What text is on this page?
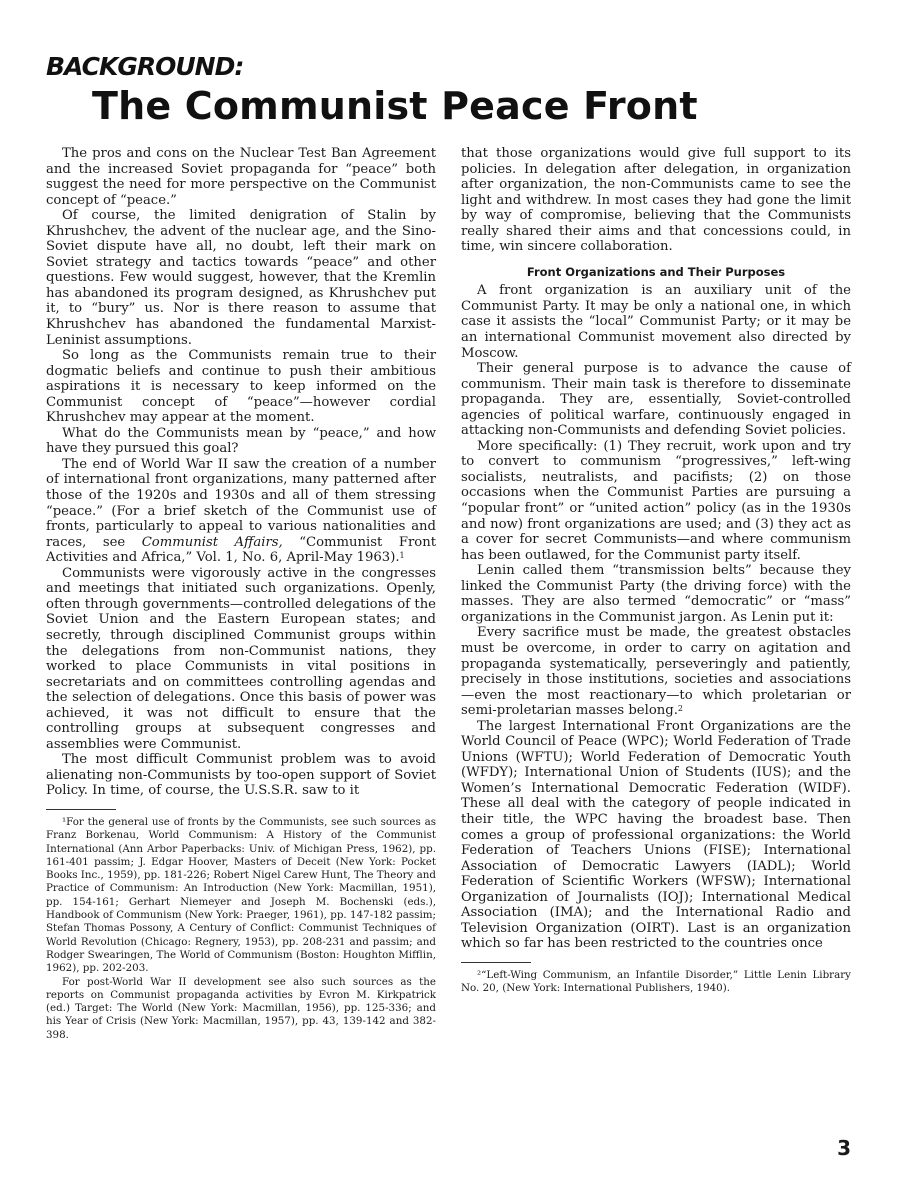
BACKGROUND:
The Communist Peace Front

The pros and cons on the Nuclear Test Ban Agreement and the increased Soviet propaganda for “peace” both suggest the need for more perspective on the Communist concept of “peace.”

Of course, the limited denigration of Stalin by Khrushchev, the advent of the nuclear age, and the Sino-Soviet dispute have all, no doubt, left their mark on Soviet strategy and tactics towards “peace” and other questions. Few would suggest, however, that the Kremlin has abandoned its program designed, as Khrushchev put it, to “bury” us. Nor is there reason to assume that Khrushchev has abandoned the fundamental Marxist-Leninist assumptions.

So long as the Communists remain true to their dogmatic beliefs and continue to push their ambitious aspirations it is necessary to keep informed on the Communist concept of “peace”—however cordial Khrushchev may appear at the moment.

What do the Communists mean by “peace,” and how have they pursued this goal?

The end of World War II saw the creation of a number of international front organizations, many patterned after those of the 1920s and 1930s and all of them stressing “peace.” (For a brief sketch of the Communist use of fronts, particularly to appeal to various nationalities and races, see Communist Affairs, “Communist Front Activities and Africa,” Vol. 1, No. 6, April-May 1963).$^1$

Communists were vigorously active in the congresses and meetings that initiated such organizations. Openly, often through governments—controlled delegations of the Soviet Union and the Eastern European states; and secretly, through disciplined Communist groups within the delegations from non-Communist nations, they worked to place Communists in vital positions in secretariats and on committees controlling agendas and the selection of delegations. Once this basis of power was achieved, it was not difficult to ensure that the controlling groups at subsequent congresses and assemblies were Communist.

The most difficult Communist problem was to avoid alienating non-Communists by too-open support of Soviet Policy. In time, of course, the U.S.S.R. saw to it

¹For the general use of fronts by the Communists, see such sources as Franz Borkenau, World Communism: A History of the Communist International (Ann Arbor Paperbacks: Univ. of Michigan Press, 1962), pp. 161-401 passim; J. Edgar Hoover, Masters of Deceit (New York: Pocket Books Inc., 1959), pp. 181-226; Robert Nigel Carew Hunt, The Theory and Practice of Communism: An Introduction (New York: Macmillan, 1951), pp. 154-161; Gerhart Niemeyer and Joseph M. Bochenski (eds.), Handbook of Communism (New York: Praeger, 1961), pp. 147-182 passim; Stefan Thomas Possony, A Century of Conflict: Communist Techniques of World Revolution (Chicago: Regnery, 1953), pp. 208-231 and passim; and Rodger Swearingen, The World of Communism (Boston: Houghton Mifflin, 1962), pp. 202-203.

For post-World War II development see also such sources as the reports on Communist propaganda activities by Evron M. Kirkpatrick (ed.) Target: The World (New York: Macmillan, 1956), pp. 125-336; and his Year of Crisis (New York: Macmillan, 1957), pp. 43, 139-142 and 382-398.

that those organizations would give full support to its policies. In delegation after delegation, in organization after organization, the non-Communists came to see the light and withdrew. In most cases they had gone the limit by way of compromise, believing that the Communists really shared their aims and that concessions could, in time, win sincere collaboration.

Front Organizations and Their Purposes

A front organization is an auxiliary unit of the Communist Party. It may be only a national one, in which case it assists the “local” Communist Party; or it may be an international Communist movement also directed by Moscow.

Their general purpose is to advance the cause of communism. Their main task is therefore to disseminate propaganda. They are, essentially, Soviet-controlled agencies of political warfare, continuously engaged in attacking non-Communists and defending Soviet policies.

More specifically: (1) They recruit, work upon and try to convert to communism “progressives,” left-wing socialists, neutralists, and pacifists; (2) on those occasions when the Communist Parties are pursuing a “popular front” or “united action” policy (as in the 1930s and now) front organizations are used; and (3) they act as a cover for secret Communists—and where communism has been outlawed, for the Communist party itself.

Lenin called them “transmission belts” because they linked the Communist Party (the driving force) with the masses. They are also termed “democratic” or “mass” organizations in the Communist jargon. As Lenin put it:

Every sacrifice must be made, the greatest obstacles must be overcome, in order to carry on agitation and propaganda systematically, perseveringly and patiently, precisely in those institutions, societies and associations—even the most reactionary—to which proletarian or semi-proletarian masses belong.$^2$

The largest International Front Organizations are the World Council of Peace (WPC); World Federation of Trade Unions (WFTU); World Federation of Democratic Youth (WFDY); International Union of Students (IUS); and the Women’s International Democratic Federation (WIDF). These all deal with the category of people indicated in their title, the WPC having the broadest base. Then comes a group of professional organizations: the World Federation of Teachers Unions (FISE); International Association of Democratic Lawyers (IADL); World Federation of Scientific Workers (WFSW); International Organization of Journalists (IOJ); International Medical Association (IMA); and the International Radio and Television Organization (OIRT). Last is an organization which so far has been restricted to the countries once

²“Left-Wing Communism, an Infantile Disorder,” Little Lenin Library No. 20, (New York: International Publishers, 1940).

3
